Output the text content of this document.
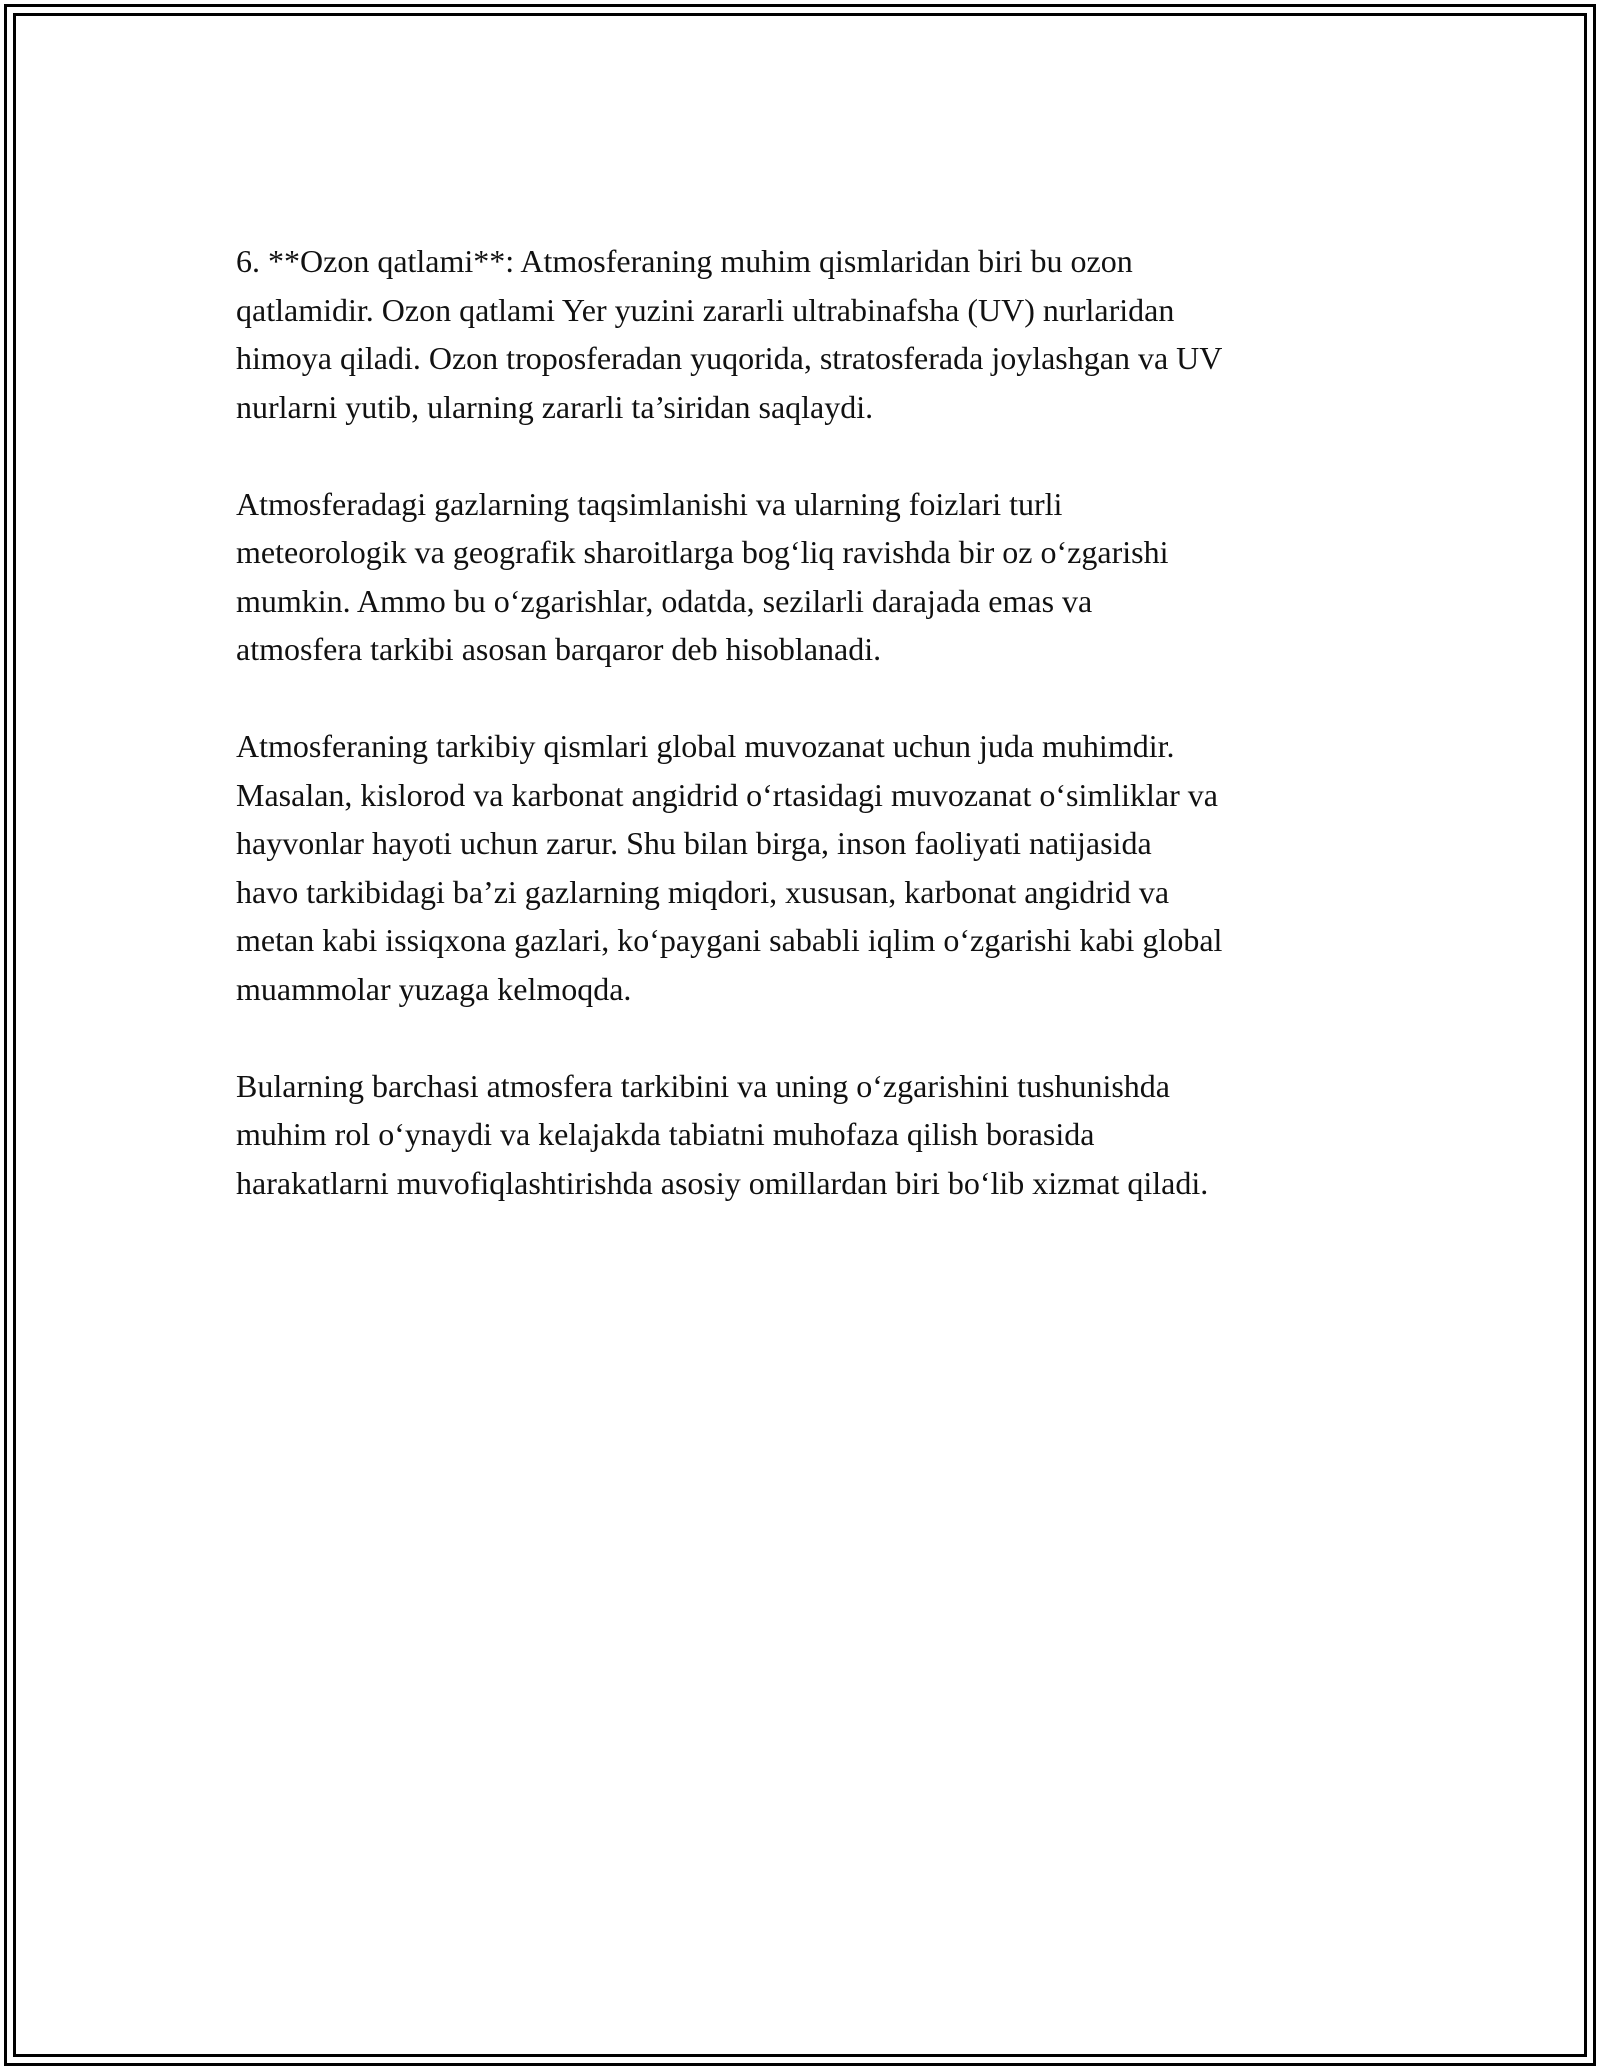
6. **Ozon qatlami**: Atmosferaning muhim qismlaridan biri bu ozon
qatlamidir. Ozon qatlami Yer yuzini zararli ultrabinafsha (UV) nurlaridan
himoya qiladi. Ozon troposferadan yuqorida, stratosferada joylashgan va UV
nurlarni yutib, ularning zararli ta’siridan saqlaydi.

Atmosferadagi gazlarning taqsimlanishi va ularning foizlari turli
meteorologik va geografik sharoitlarga bog‘liq ravishda bir oz o‘zgarishi
mumkin. Ammo bu o‘zgarishlar, odatda, sezilarli darajada emas va
atmosfera tarkibi asosan barqaror deb hisoblanadi.

Atmosferaning tarkibiy qismlari global muvozanat uchun juda muhimdir.
Masalan, kislorod va karbonat angidrid o‘rtasidagi muvozanat o‘simliklar va
hayvonlar hayoti uchun zarur. Shu bilan birga, inson faoliyati natijasida
havo tarkibidagi ba’zi gazlarning miqdori, xususan, karbonat angidrid va
metan kabi issiqxona gazlari, ko‘paygani sababli iqlim o‘zgarishi kabi global
muammolar yuzaga kelmoqda.

Bularning barchasi atmosfera tarkibini va uning o‘zgarishini tushunishda
muhim rol o‘ynaydi va kelajakda tabiatni muhofaza qilish borasida
harakatlarni muvofiqlashtirishda asosiy omillardan biri bo‘lib xizmat qiladi.
